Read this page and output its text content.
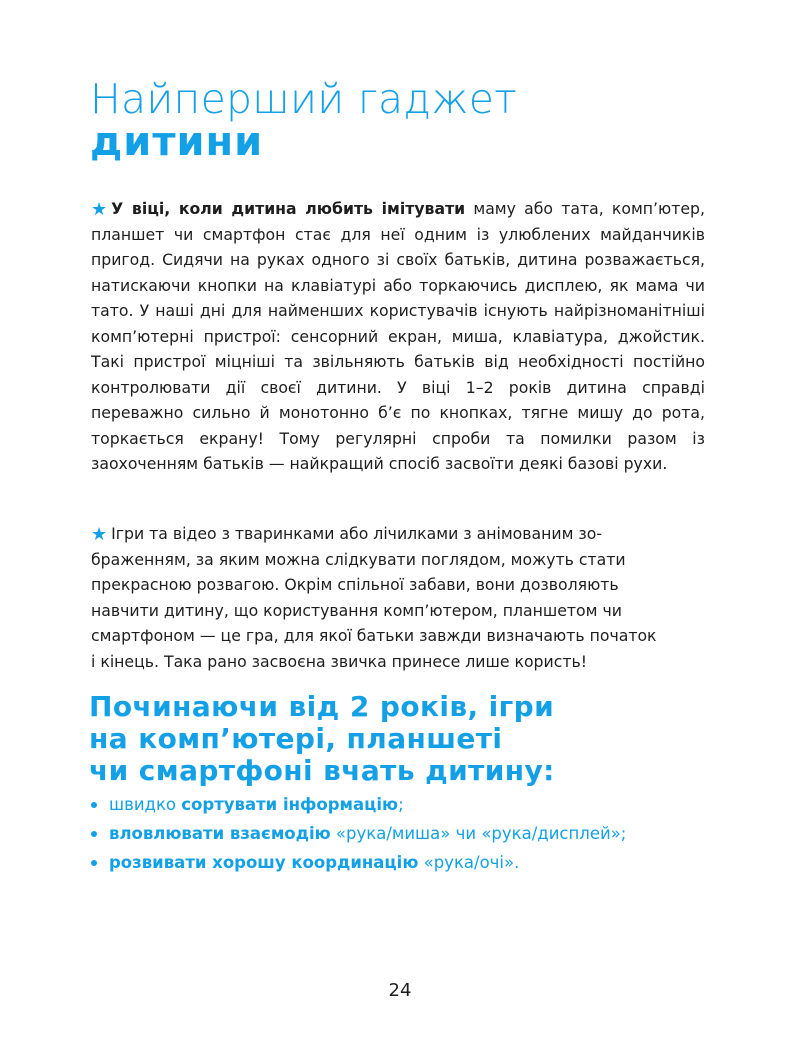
Найперший гаджет
дитини

★ У віці, коли дитина любить імітувати маму або тата, комп’ютер, планшет чи смартфон стає для неї одним із улюблених майданчиків пригод. Сидячи на руках одного зі своїх батьків, дитина розважається, натискаючи кнопки на клавіатурі або торкаючись дисплею, як мама чи тато. У наші дні для найменших користувачів існують найрізноманітніші комп’ютерні пристрої: сенсорний екран, миша, клавіатура, джойстик. Такі пристрої міцніші та звільняють батьків від необхідності постійно контролювати дії своєї дитини. У віці 1–2 років дитина справді переважно сильно й монотонно б’є по кнопках, тягне мишу до рота, торкається екрану! Тому регулярні спроби та помилки разом із заохоченням батьків — найкращий спосіб засвоїти деякі базові рухи.

★ Ігри та відео з тваринками або лічилками з анімованим зо-
браженням, за яким можна слідкувати поглядом, можуть стати
прекрасною розвагою. Окрім спільної забави, вони дозволяють
навчити дитину, що користування комп’ютером, планшетом чи
смартфоном — це гра, для якої батьки завжди визначають початок
і кінець. Така рано засвоєна звичка принесе лише користь!

Починаючи від 2 років, ігри
на комп’ютері, планшеті
чи смартфоні вчать дитину:
швидко сортувати інформацію;
вловлювати взаємодію «рука/миша» чи «рука/дисплей»;
розвивати хорошу координацію «рука/очі».
24
